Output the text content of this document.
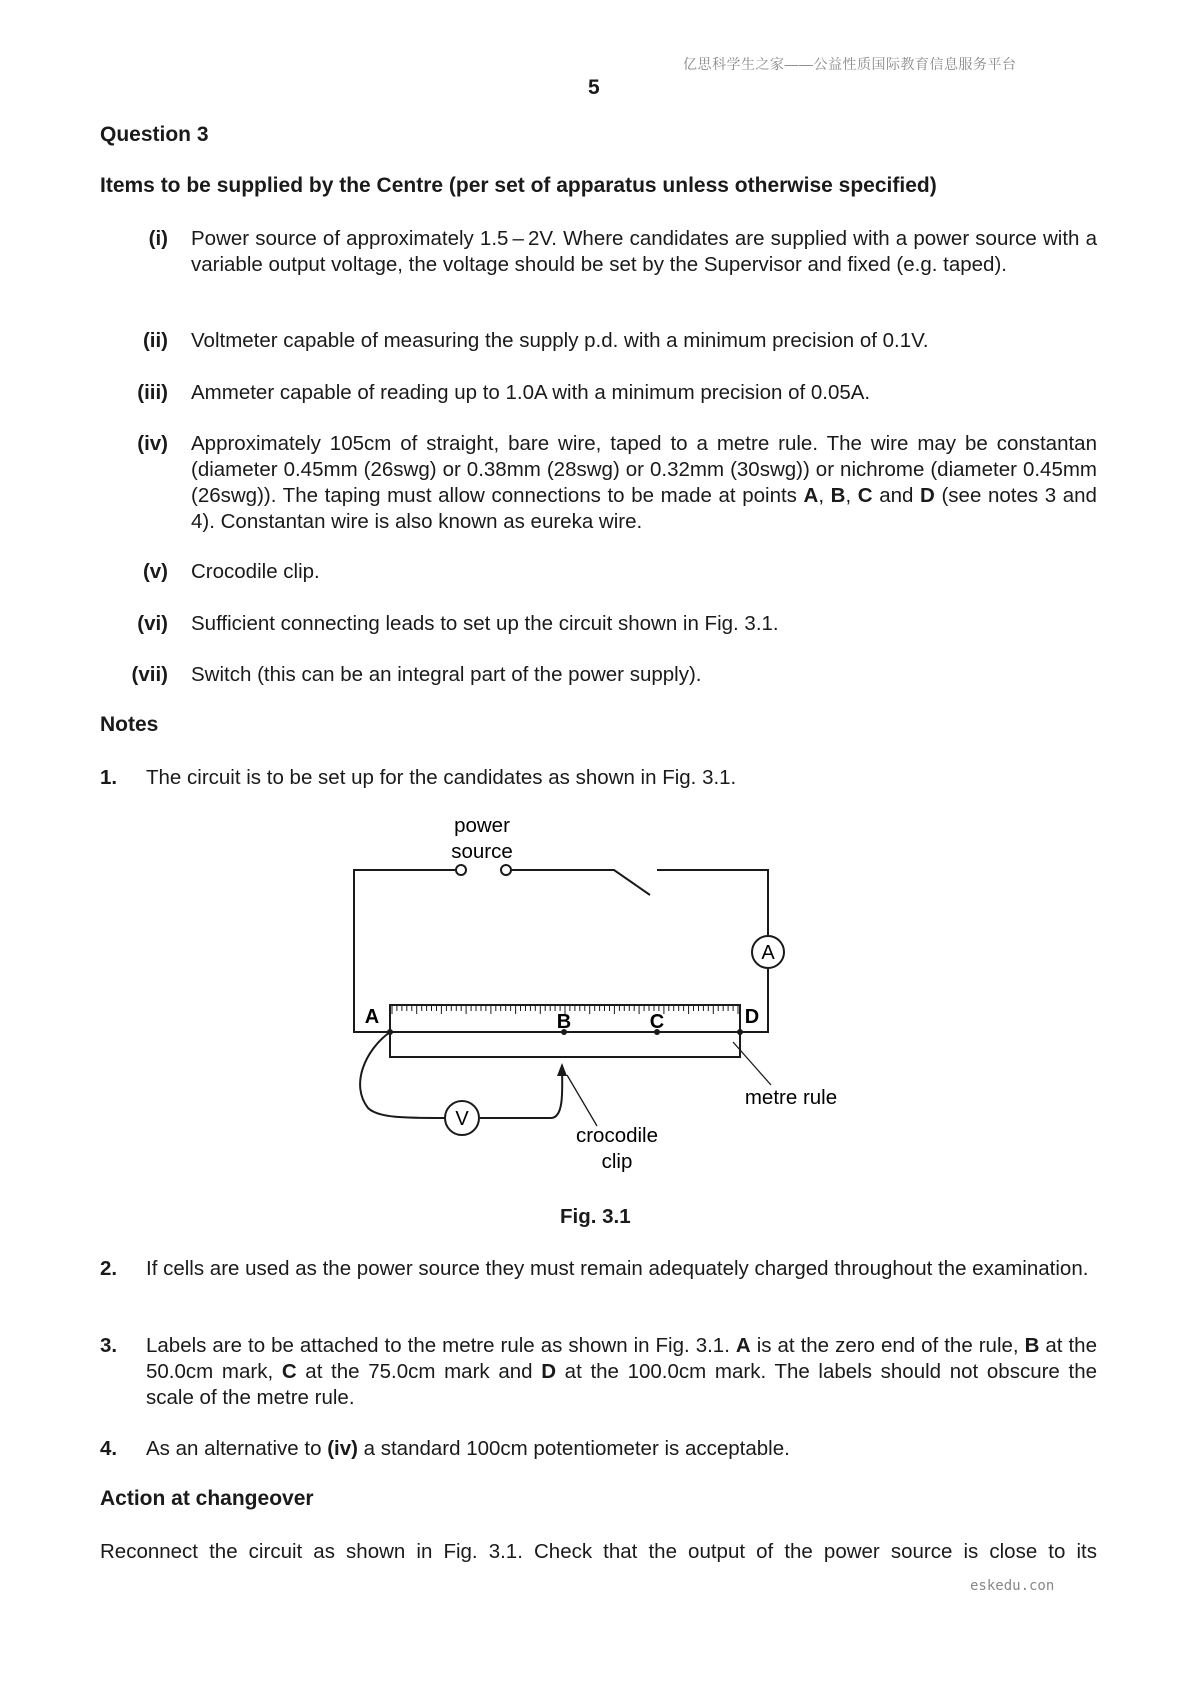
亿思科学生之家——公益性质国际教育信息服务平台
5
Question 3
Items to be supplied by the Centre (per set of apparatus unless otherwise specified)
(i) Power source of approximately 1.5 – 2V. Where candidates are supplied with a power source with a variable output voltage, the voltage should be set by the Supervisor and fixed (e.g. taped).
(ii) Voltmeter capable of measuring the supply p.d. with a minimum precision of 0.1V.
(iii) Ammeter capable of reading up to 1.0A with a minimum precision of 0.05A.
(iv) Approximately 105cm of straight, bare wire, taped to a metre rule. The wire may be constantan (diameter 0.45mm (26swg) or 0.38mm (28swg) or 0.32mm (30swg)) or nichrome (diameter 0.45mm (26swg)). The taping must allow connections to be made at points A, B, C and D (see notes 3 and 4). Constantan wire is also known as eureka wire.
(v) Crocodile clip.
(vi) Sufficient connecting leads to set up the circuit shown in Fig. 3.1.
(vii) Switch (this can be an integral part of the power supply).
Notes
1. The circuit is to be set up for the candidates as shown in Fig. 3.1.
A
V
power
source
A	B	C	D
metre rule
crocodile
clip
Fig. 3.1
2. If cells are used as the power source they must remain adequately charged throughout the examination.
3. Labels are to be attached to the metre rule as shown in Fig. 3.1. A is at the zero end of the rule, B at the 50.0cm mark, C at the 75.0cm mark and D at the 100.0cm mark. The labels should not obscure the scale of the metre rule.
4. As an alternative to (iv) a standard 100cm potentiometer is acceptable.
Action at changeover
Reconnect the circuit as shown in Fig. 3.1. Check that the output of the power source is close to its
eskedu.con
